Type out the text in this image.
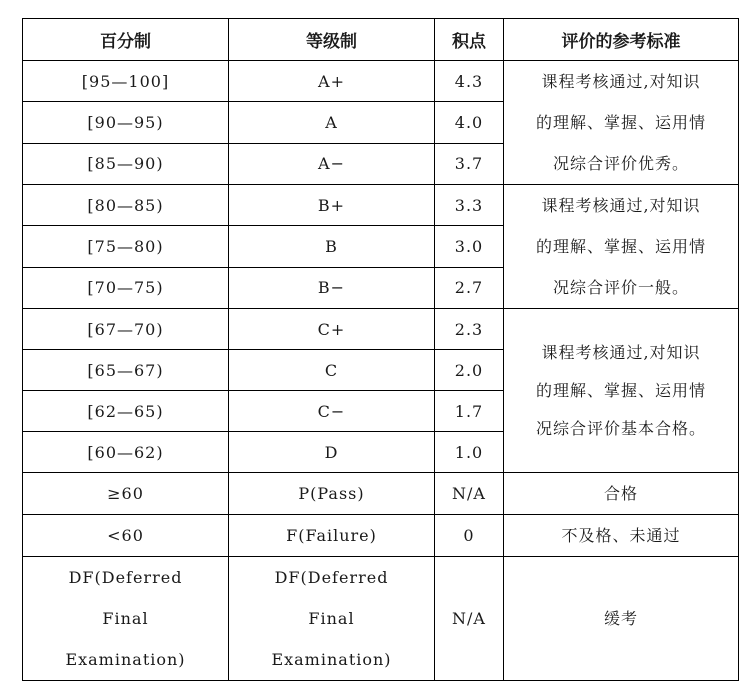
百分制	等级制	积点	评价的参考标准
[95—100]	A+	4.3	课程考核通过,对知识
的理解、掌握、运用情
况综合评价优秀。

[90—95)	A	4.0	
[85—90)	A−	3.7	
[80—85)	B+	3.3	课程考核通过,对知识
的理解、掌握、运用情
况综合评价一般。

[75—80)	B	3.0	
[70—75)	B−	2.7	
[67—70)	C+	2.3	课程考核通过,对知识
的理解、掌握、运用情
况综合评价基本合格。

[65—67)	C	2.0	
[62—65)	C−	1.7	
[60—62)	D	1.0	
≥60	P(Pass)	N/A	合格
<60	F(Failure)	0	不及格、未通过

DF(Deferred
Final
Examination)	DF(Deferred
Final
Examination)	N/A	缓考
